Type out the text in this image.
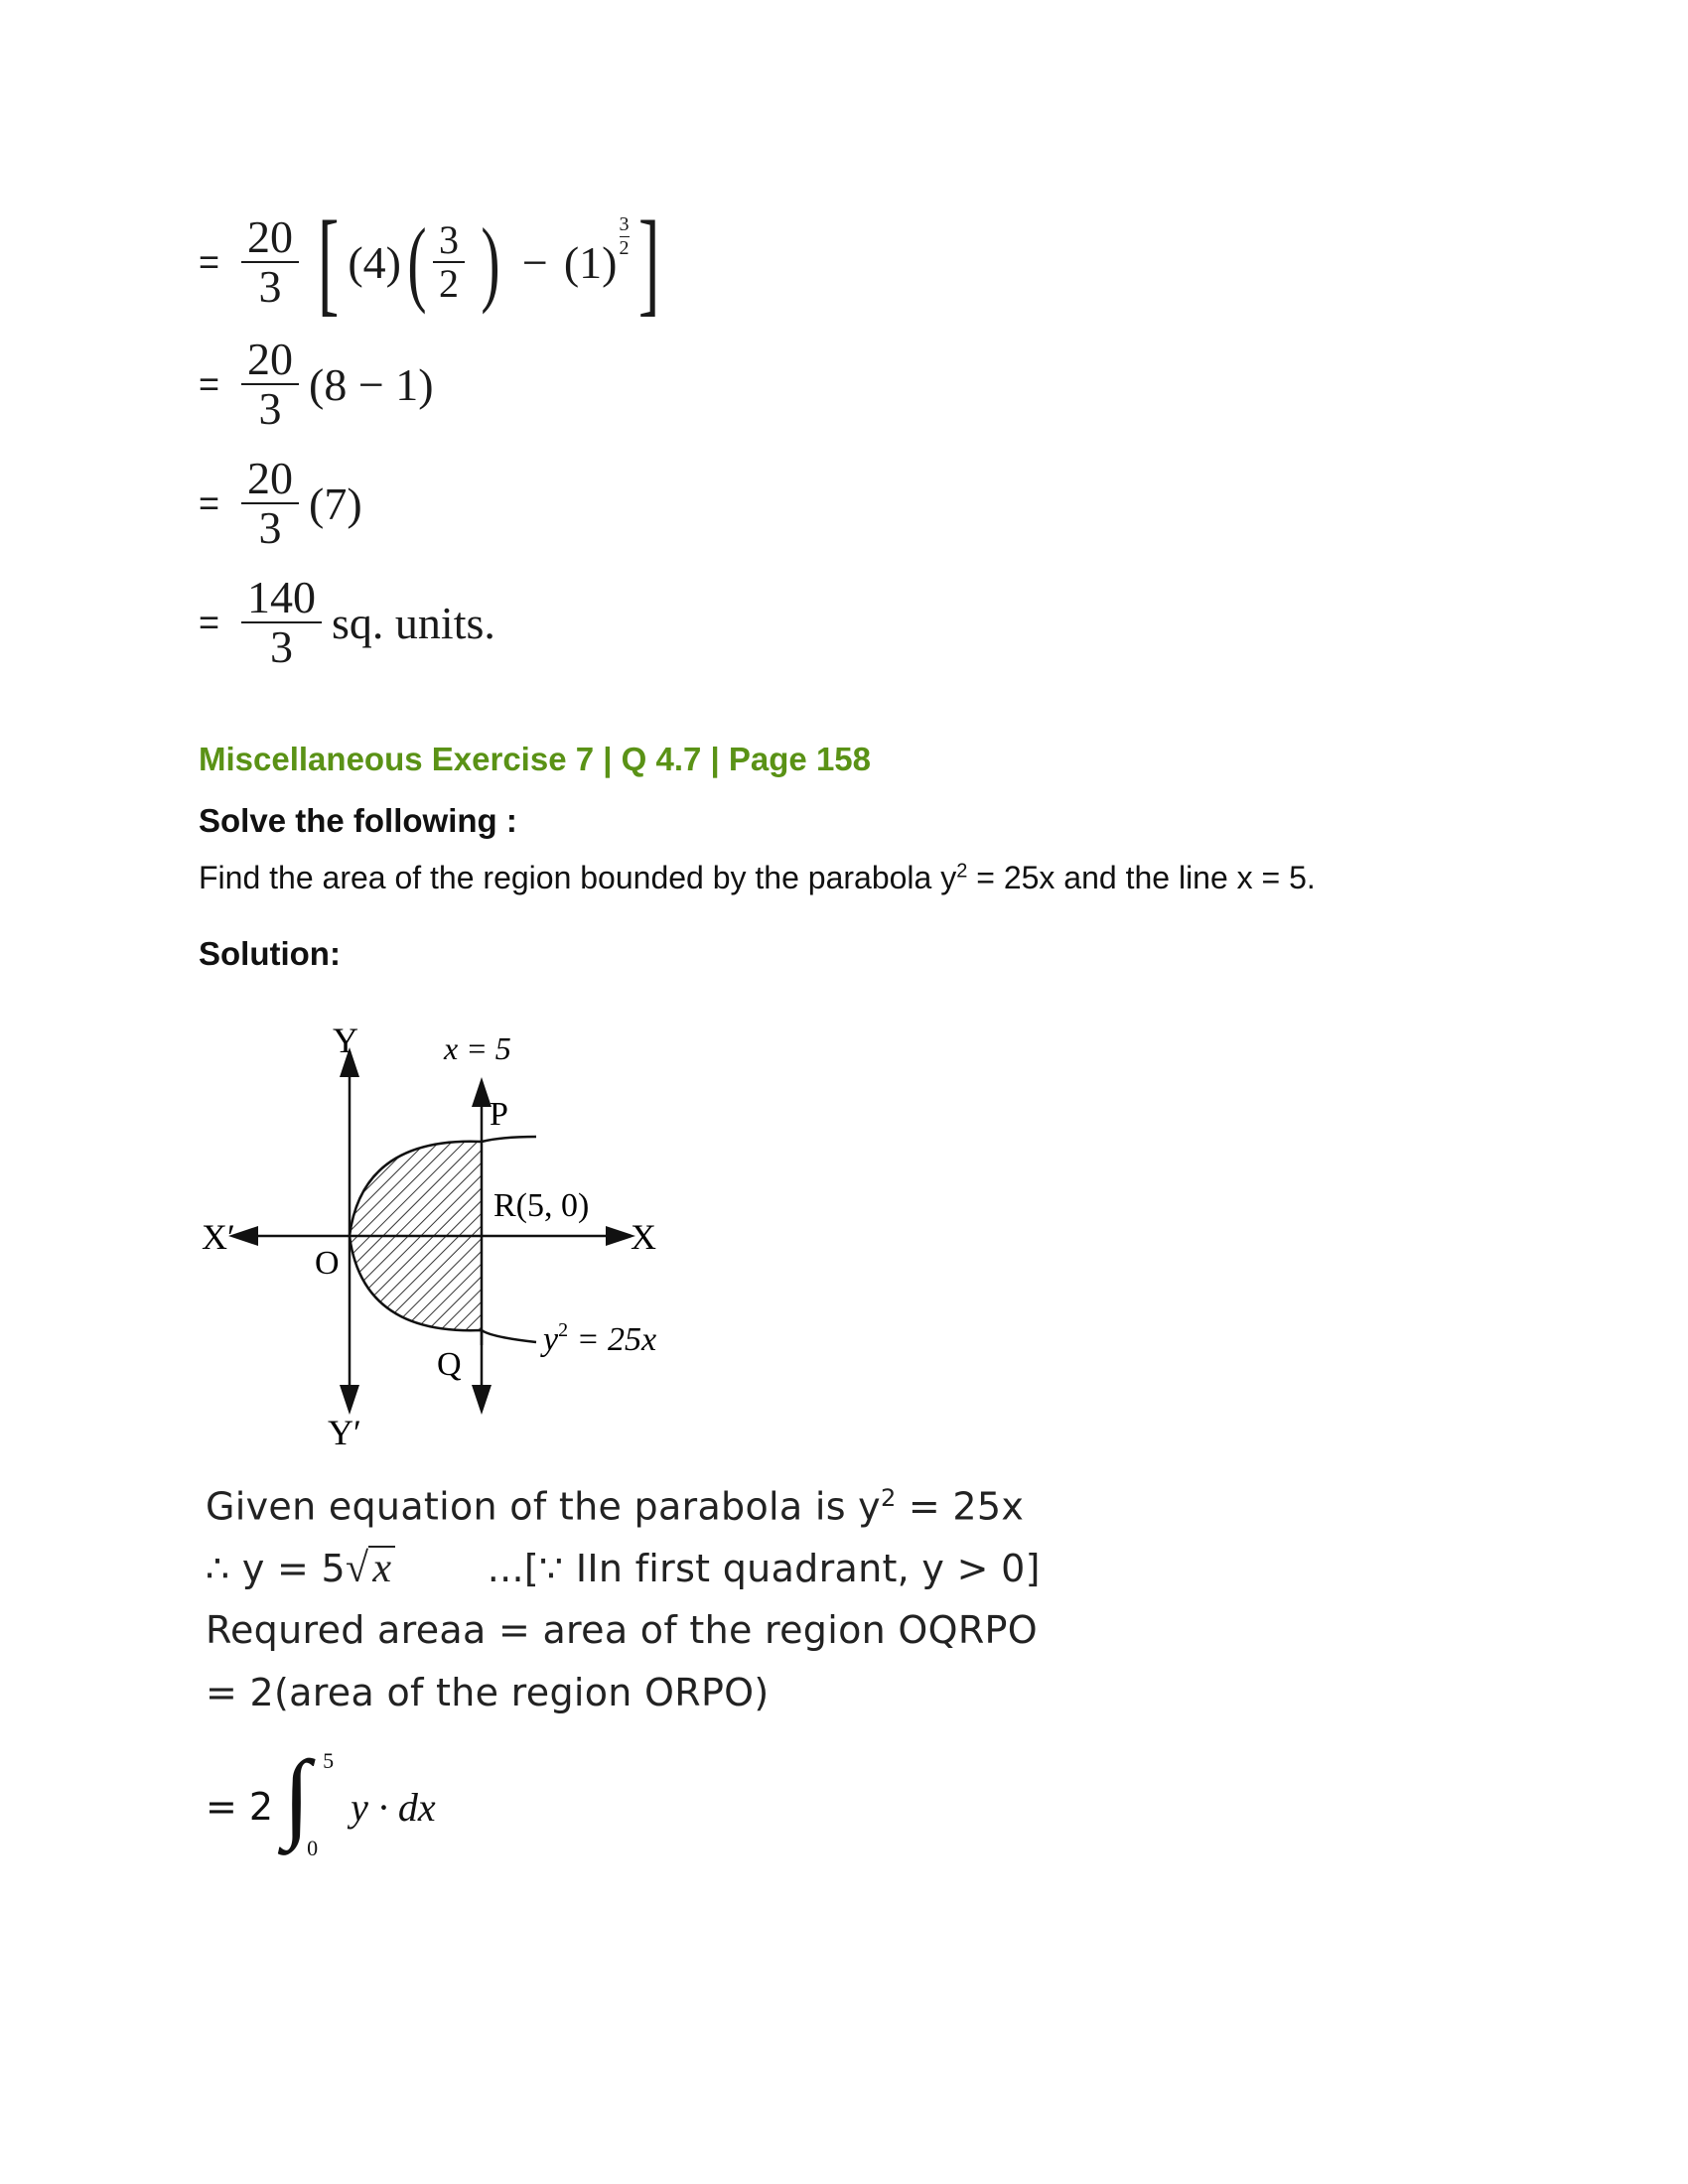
= $\frac{20}{3}$ [ (4) ( $\frac{3}{2}$ ) − (1)
3
2 ]
= $\frac{20}{3} (8 - 1)$
= $\frac{20}{3} (7)$
= $\frac{140}{3}$ sq. units.
Miscellaneous Exercise 7 | Q 4.7 | Page 158
Solve the following :
Find the area of the region bounded by the parabola $y^2 = 25x$ and the line x = 5.
Solution:
Y
Y′
X
X′
O
x = 5
P
Q
R(5, 0)
$y^2 = 25x$
Given equation of the parabola is $y^2 = 25x$
∴ y = 5√x	...[∵ IIn first quadrant, y > 0]
Requred areaa = area of the region OQRPO
= 2(area of the region ORPO)
= 2 ∫ 5
0
y · dx
